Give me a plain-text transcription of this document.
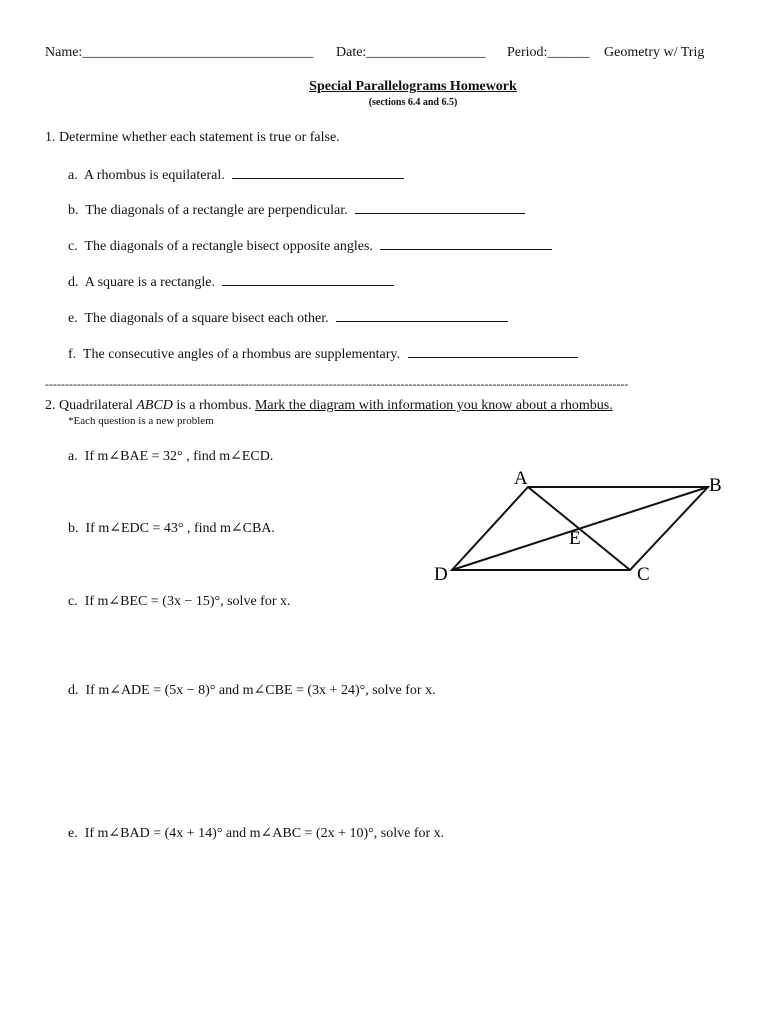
Name:_________________________________ Date:_________________ Period:______ Geometry w/ Trig
Special Parallelograms Homework
(sections 6.4 and 6.5)
1. Determine whether each statement is true or false.
a. A rhombus is equilateral.
b. The diagonals of a rectangle are perpendicular.
c. The diagonals of a rectangle bisect opposite angles.
d. A square is a rectangle.
e. The diagonals of a square bisect each other.
f. The consecutive angles of a rhombus are supplementary.
--------------------------------------------------------------------------------------------------------------------------------------------------
2. Quadrilateral ABCD is a rhombus. Mark the diagram with information you know about a rhombus.
*Each question is a new problem
a. If m∠BAE = 32° , find m∠ECD.
b. If m∠EDC = 43° , find m∠CBA.
c. If m∠BEC = (3x − 15)°, solve for x.
d. If m∠ADE = (5x − 8)° and m∠CBE = (3x + 24)°, solve for x.
e. If m∠BAD = (4x + 14)° and m∠ABC = (2x + 10)°, solve for x.
A	B
C
D
E
